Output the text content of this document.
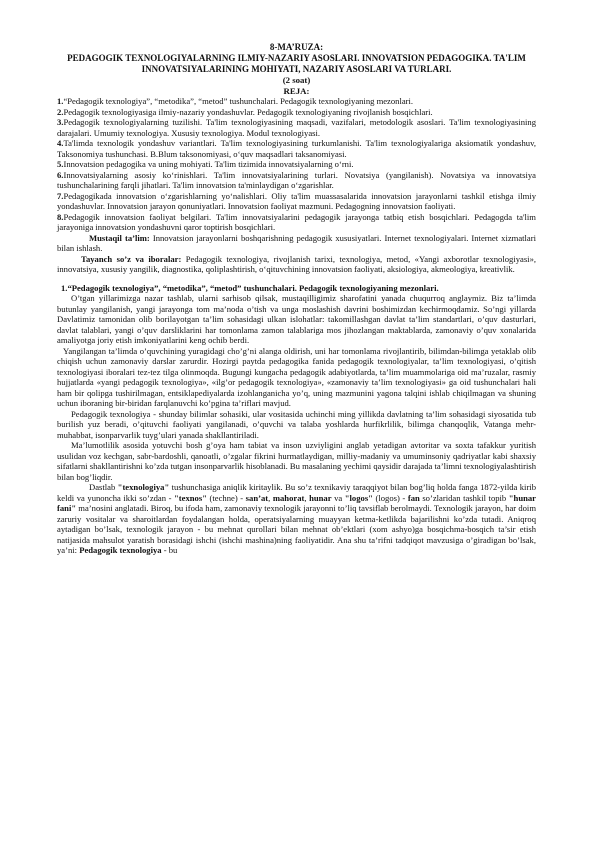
8-MA’RUZA:
PEDAGOGIK TEXNOLOGIYALARNING ILMIY-NAZARIY ASOSLARI. INNOVATSION PEDAGOGIKA. TA'LIM INNOVATSIYALARINING MOHIYATI, NAZARIY ASOSLARI VA TURLARI.
(2 soat)
REJA:

1.“Pedagogik texnologiya”, “metodika”, “metod” tushunchalari. Pedagogik texnologiyaning mezonlari.

2.Pedagogik texnologiyasiga ilmiy-nazariy yondashuvlar. Pedagogik texnologiyaning rivojlanish bosqichlari.

3.Pedagogik texnologiyalarning tuzilishi. Ta'lim texnologiyasining maqsadi, vazifalari, metodologik asoslari. Ta'lim texnologiyasining darajalari. Umumiy texnologiya. Xususiy texnologiya. Modul texnologiyasi.

4.Ta'limda texnologik yondashuv variantlari. Ta'lim texnologiyasining turkumlanishi. Ta'lim texnologiyalariga aksiomatik yondashuv, Taksonomiya tushunchasi. B.Blum taksonomiyasi, o‘quv maqsadlari taksanomiyasi.

5.Innovatsion pedagogika va uning mohiyati. Ta'lim tizimida innovatsiyalarning o‘rni.

6.Innovatsiyalarning asosiy ko‘rinishlari. Ta'lim innovatsiyalarining turlari. Novatsiya (yangilanish). Novatsiya va innovatsiya tushunchalarining farqli jihatlari. Ta'lim innovatsion ta'minlaydigan o‘zgarishlar.

7.Pedagogikada innovatsion o‘zgarishlarning yo‘nalishlari. Oliy ta'lim muassasalarida innovatsion jarayonlarni tashkil etishga ilmiy yondashuvlar. Innovatsion jarayon qonuniyatlari. Innovatsion faoliyat mazmuni. Pedagogning innovatsion faoliyati.

8.Pedagogik innovatsion faoliyat belgilari. Ta'lim innovatsiyalarini pedagogik jarayonga tatbiq etish bosqichlari. Pedagogda ta'lim jarayoniga innovatsion yondashuvni qaror toptirish bosqichlari.

Mustaqil ta’lim: Innovatsion jarayonlarni boshqarishning pedagogik xususiyatlari. Internet texnologiyalari. Internet xizmatlari bilan ishlash.

Tayanch so’z va iboralar: Pedagogik texnologiya, rivojlanish tarixi, texnologiya, metod, «Yangi axborotlar texnologiyasi», innovatsiya, xususiy yangilik, diagnostika, qoliplashtirish, o‘qituvchining innovatsion faoliyati, aksiologiya, akmeologiya, kreativlik.

1.“Pedagogik texnologiya”, “metodika”, “metod” tushunchalari. Pedagogik texnologiyaning mezonlari.

O’tgan yillarimizga nazar tashlab, ularni sarhisob qilsak, mustaqilligimiz sharofatini yanada chuqurroq anglaymiz. Biz ta’limda butunlay yangilanish, yangi jarayonga tom ma’noda o’tish va unga moslashish davrini boshimizdan kechirmoqdamiz. So’ngi yillarda Davlatimiz tamonidan olib borilayotgan ta’lim sohasidagi ulkan islohatlar: takomillashgan davlat ta’lim standartlari, o’quv dasturlari, davlat talablari, yangi o’quv darsliklarini har tomonlama zamon talablariga mos jihozlangan maktablarda, zamonaviy o’quv xonalarida amaliyotga joriy etish imkoniyatlarini keng ochib berdi.

Yangilangan ta’limda o’quvchining yuragidagi cho’g’ni alanga oldirish, uni har tomonlama rivojlantirib, bilimdan-bilimga yetaklab olib chiqish uchun zamonaviy darslar zarurdir. Hozirgi paytda pedagogika fanida pedagogik texnologiyalar, ta’lim texnologiyasi, o’qitish texnologiyasi iboralari tez-tez tilga olinmoqda. Bugungi kungacha pedagogik adabiyotlarda, ta’lim muammolariga oid ma’ruzalar, rasmiy hujjatlarda «yangi pedagogik texnologiya», «ilg’or pedagogik texnologiya», «zamonaviy ta’lim texnologiyasi» ga oid tushunchalari hali ham bir qolipga tushirilmagan, entsiklapediyalarda izohlanganicha yo’q, uning mazmunini yagona talqini ishlab chiqilmagan va shuning uchun iboraning bir-biridan farqlanuvchi ko’pgina ta’riflari mavjud.

Pedagogik texnologiya - shunday bilimlar sohasiki, ular vositasida uchinchi ming yillikda davlatning ta’lim sohasidagi siyosatida tub burilish yuz beradi, o’qituvchi faoliyati yangilanadi, o’quvchi va talaba yoshlarda hurfikrlilik, bilimga chanqoqlik, Vatanga mehr-muhabbat, isonparvarlik tuyg’ulari yanada shakllantiriladi.

Ma’lumotlilik asosida yotuvchi bosh g’oya ham tabiat va inson uzviyligini anglab yetadigan avtoritar va soxta tafakkur yuritish usulidan voz kechgan, sabr-bardoshli, qanoatli, o’zgalar fikrini hurmatlaydigan, milliy-madaniy va umuminsoniy qadriyatlar kabi shaxsiy sifatlarni shakllantirishni ko’zda tutgan insonparvarlik hisoblanadi. Bu masalaning yechimi qaysidir darajada ta’limni texnologiyalashtirish bilan bog’liqdir.

Dastlab "texnologiya" tushunchasiga aniqlik kiritaylik. Bu so’z texnikaviy taraqqiyot bilan bog’liq holda fanga 1872-yilda kirib keldi va yunoncha ikki so’zdan - "texnos" (techne) - san’at, mahorat, hunar va "logos" (logos) - fan so’zlaridan tashkil topib "hunar fani" ma’nosini anglatadi. Biroq, bu ifoda ham, zamonaviy texnologik jarayonni to’liq tavsiflab berolmaydi. Texnologik jarayon, har doim zaruriy vositalar va sharoitlardan foydalangan holda, operatsiyalarning muayyan ketma-ketlikda bajarilishni ko’zda tutadi. Aniqroq aytadigan bo’lsak, texnologik jarayon - bu mehnat qurollari bilan mehnat ob’ektlari (xom ashyo)ga bosqichma-bosqich ta’sir etish natijasida mahsulot yaratish borasidagi ishchi (ishchi mashina)ning faoliyatidir. Ana shu ta’rifni tadqiqot mavzusiga o’giradigan bo’lsak, ya’ni: Pedagogik texnologiya - bu
